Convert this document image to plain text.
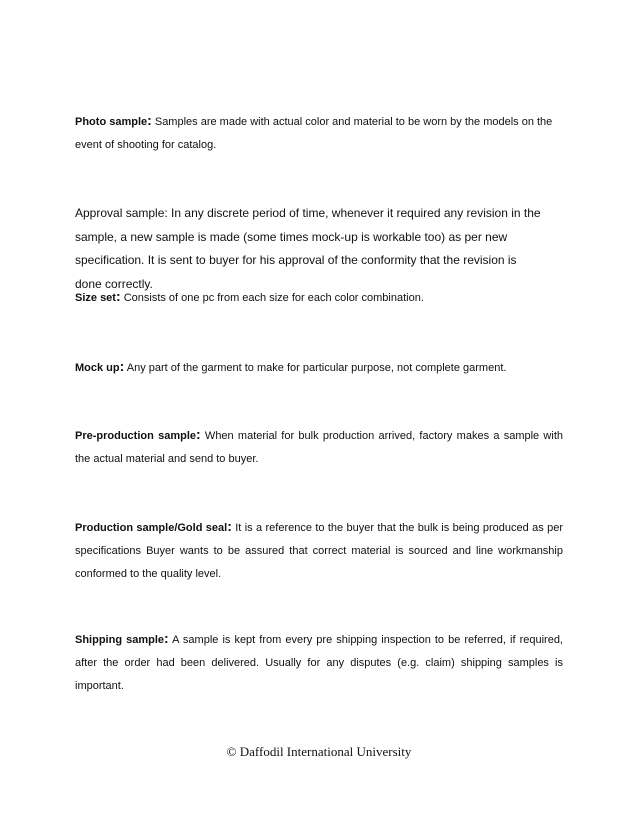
Photo sample: Samples are made with actual color and material to be worn by the models on the event of shooting for catalog.

Approval sample: In any discrete period of time, whenever it required any revision in the sample, a new sample is made (some times mock-up is workable too) as per new specification. It is sent to buyer for his approval of the conformity that the revision is done correctly.

Size set: Consists of one pc from each size for each color combination.

Mock up: Any part of the garment to make for particular purpose, not complete garment.

Pre-production sample: When material for bulk production arrived, factory makes a sample with the actual material and send to buyer.

Production sample/Gold seal: It is a reference to the buyer that the bulk is being produced as per specifications Buyer wants to be assured that correct material is sourced and line workmanship conformed to the quality level.

Shipping sample: A sample is kept from every pre shipping inspection to be referred, if required, after the order had been delivered. Usually for any disputes (e.g. claim) shipping samples is important.

© Daffodil International University
